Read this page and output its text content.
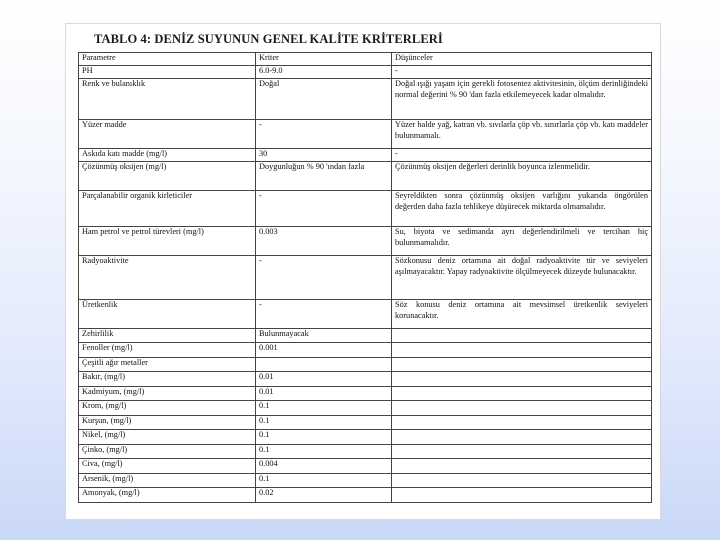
TABLO 4: DENİZ SUYUNUN GENEL KALİTE KRİTERLERİ
Parametre	Kriter	Düşünceler
PH	6.0-9.0	-
Renk ve bulanıklık	Doğal	Doğal ışığı yaşam için gerekli fotosentez aktivitesinin, ölçüm derinliğindeki normal değerini % 90 'dan fazla etkilemeyecek kadar olmalıdır.
Yüzer madde	-	Yüzer halde yağ, katran vb. sıvılarla çöp vb. sınırlarla çöp vb. katı maddeler bulunmamalı.
Askıda katı madde (mg/l)	30	-
Çözünmüş oksijen (mg/l)	Doygunluğun % 90 'ından fazla	Çözünmüş oksijen değerleri derinlik boyunca izlenmelidir.
Parçalanabilir organik kirleticiler	-	Seyreldikten sonra çözünmüş oksijen varlığını yukarıda öngörülen değerden daha fazla tehlikeye düşürecek miktarda olmamalıdır.
Ham petrol ve petrol türevleri (mg/l)	0.003	Su, biyota ve sedimanda ayrı değerlendirilmeli ve tercihan hiç bulunmamalıdır.
Radyoaktivite	-	Sözkonusu deniz ortamına ait doğal radyoaktivite tür ve seviyeleri aşılmayacaktır. Yapay radyoaktivite ölçülmeyecek düzeyde bulunacaktır.
Üretkenlik	-	Söz konusu deniz ortamına ait mevsimsel üretkenlik seviyeleri korunacaktır.
Zehirlilik	Bulunmayacak	
Fenoller (mg/l)	0.001	
Çeşitli ağır metaller		
Bakır, (mg/l)	0.01	
Kadmiyum, (mg/l)	0.01	
Krom, (mg/l)	0.1	
Kurşun, (mg/l)	0.1	
Nikel, (mg/l)	0.1	
Çinko, (mg/l)	0.1	
Civa, (mg/l)	0.004	
Arsenik, (mg/l)	0.1	
Amonyak, (mg/l)	0.02	
